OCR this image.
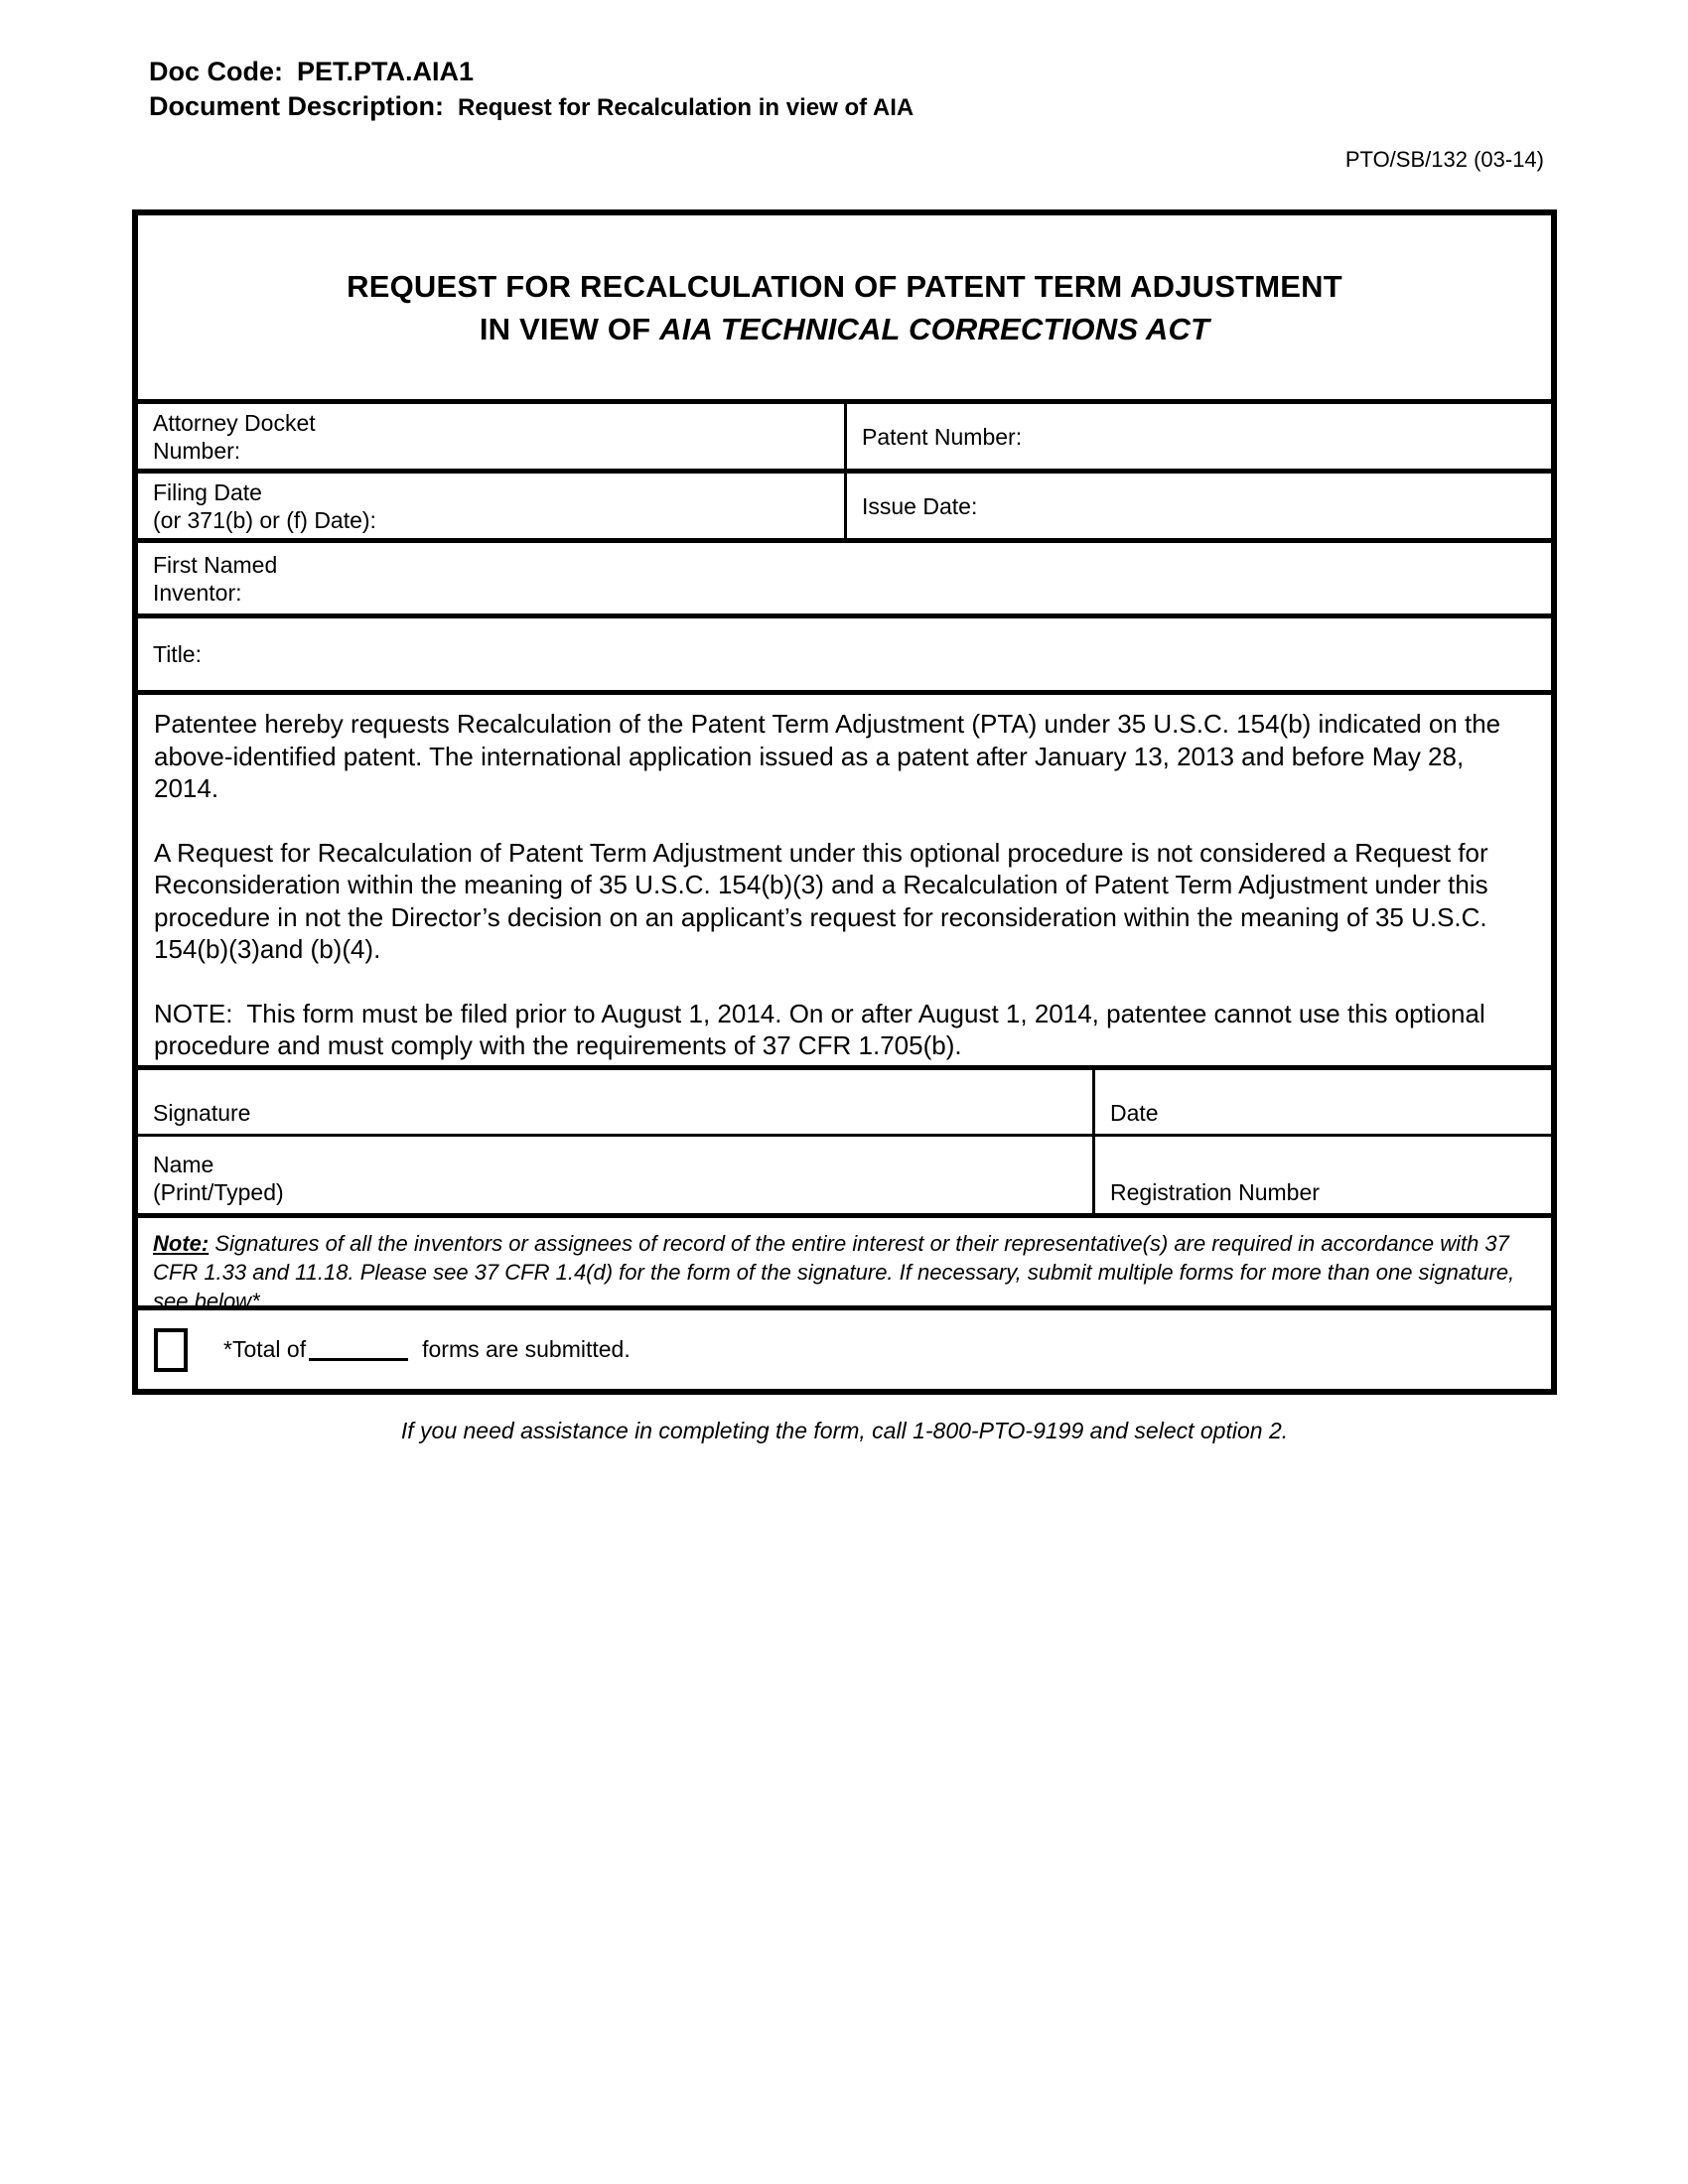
Doc Code: PET.PTA.AIA1
Document Description: Request for Recalculation in view of AIA
PTO/SB/132 (03-14)
REQUEST FOR RECALCULATION OF PATENT TERM ADJUSTMENT
IN VIEW OF AIA TECHNICAL CORRECTIONS ACT
Attorney Docket
Number:
Patent Number:
Filing Date
(or 371(b) or (f) Date):
Issue Date:
First Named
Inventor:
Title:

Patentee hereby requests Recalculation of the Patent Term Adjustment (PTA) under 35 U.S.C. 154(b) indicated on the above-identified patent. The international application issued as a patent after January 13, 2013 and before May 28, 2014.

A Request for Recalculation of Patent Term Adjustment under this optional procedure is not considered a Request for Reconsideration within the meaning of 35 U.S.C. 154(b)(3) and a Recalculation of Patent Term Adjustment under this procedure in not the Director’s decision on an applicant’s request for reconsideration within the meaning of 35 U.S.C. 154(b)(3)and (b)(4).

NOTE:  This form must be filed prior to August 1, 2014. On or after August 1, 2014, patentee cannot use this optional procedure and must comply with the requirements of 37 CFR 1.705(b).

Signature	Date
Name
(Print/Typed)	Registration Number
Note: Signatures of all the inventors or assignees of record of the entire interest or their representative(s) are required in accordance with 37 CFR 1.33 and 11.18. Please see 37 CFR 1.4(d) for the form of the signature. If necessary, submit multiple forms for more than one signature, see below*.
*Total of	forms are submitted.
If you need assistance in completing the form, call 1-800-PTO-9199 and select option 2.
